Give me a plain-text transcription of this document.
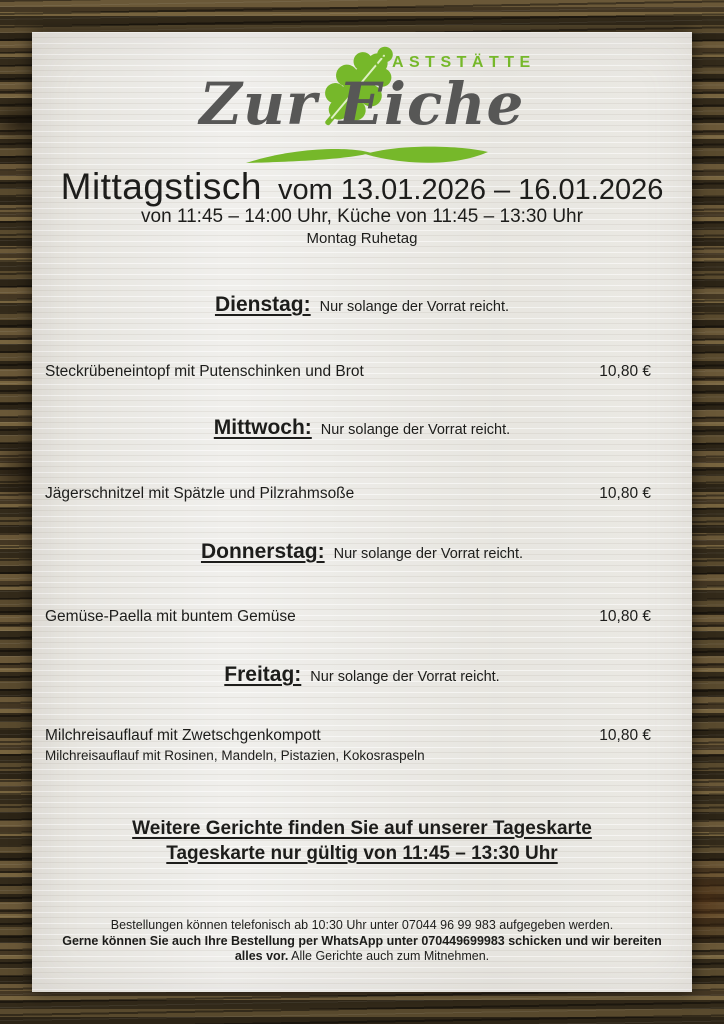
GASTSTÄTTE
Zur Eiche
Mittagstisch vom 13.01.2026 – 16.01.2026
von 11:45 – 14:00 Uhr, Küche von 11:45 – 13:30 Uhr
Montag Ruhetag
Dienstag: Nur solange der Vorrat reicht.
Steckrübeneintopf mit Putenschinken und Brot	10,80 €
Mittwoch: Nur solange der Vorrat reicht.
Jägerschnitzel mit Spätzle und Pilzrahmsoße	10,80 €
Donnerstag: Nur solange der Vorrat reicht.
Gemüse-Paella mit buntem Gemüse	10,80 €
Freitag: Nur solange der Vorrat reicht.
Milchreisauflauf mit Zwetschgenkompott	10,80 €
Milchreisauflauf mit Rosinen, Mandeln, Pistazien, Kokosraspeln
Weitere Gerichte finden Sie auf unserer Tageskarte
Tageskarte nur gültig von 11:45 – 13:30 Uhr
Bestellungen können telefonisch ab 10:30 Uhr unter 07044 96 99 983 aufgegeben werden.
Gerne können Sie auch Ihre Bestellung per WhatsApp unter 070449699983 schicken und wir bereiten alles vor. Alle Gerichte auch zum Mitnehmen.
